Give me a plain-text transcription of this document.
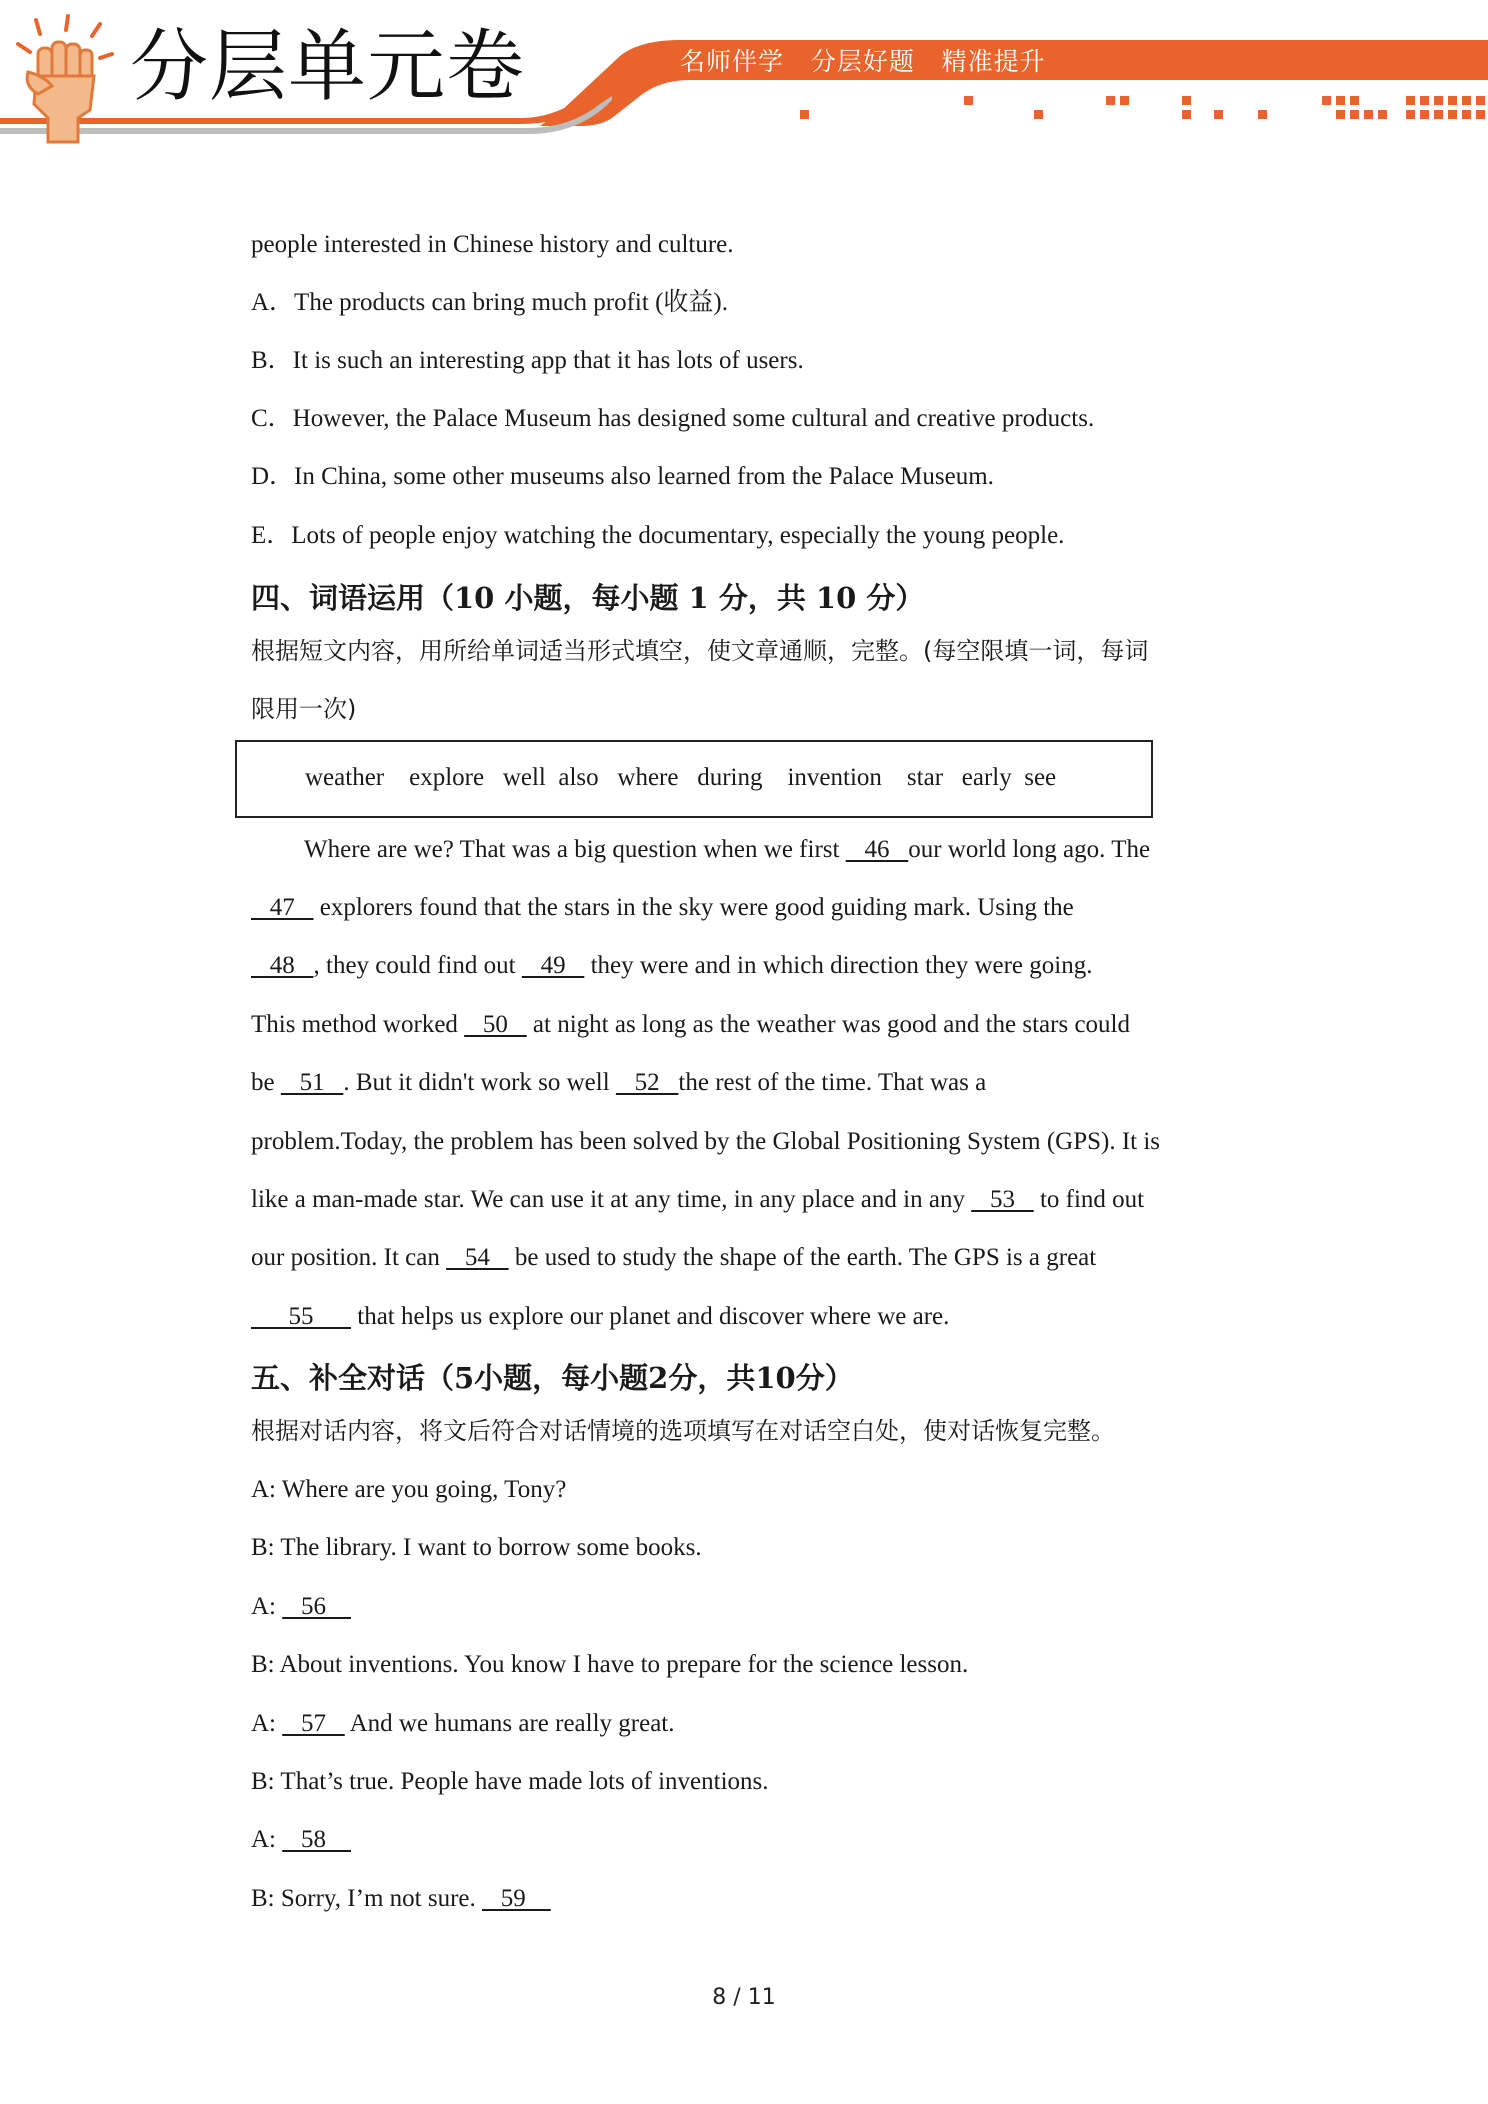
分层单元卷	名师伴学   分层好题   精准提升
people interested in Chinese history and culture.
A．The products can bring much profit (收益).
B．It is such an interesting app that it has lots of users.
C．However, the Palace Museum has designed some cultural and creative products.
D．In China, some other museums also learned from the Palace Museum.
E．Lots of people enjoy watching the documentary, especially the young people.
四、词语运用（10 小题，每小题 1 分，共 10 分）
根据短文内容，用所给单词适当形式填空，使文章通顺，完整。(每空限填一词，每词
限用一次)
weather    explore   well  also   where   during    invention    star   early  see
Where are we? That was a big question when we first    46   our world long ago. The
47    explorers found that the stars in the sky were good guiding mark. Using the
48   , they could find out    49    they were and in which direction they were going.
This method worked    50    at night as long as the weather was good and the stars could
be    51   . But it didn't work so well    52   the rest of the time. That was a
problem.Today, the problem has been solved by the Global Positioning System (GPS). It is
like a man-made star. We can use it at any time, in any place and in any    53    to find out
our position. It can    54    be used to study the shape of the earth. The GPS is a great
55       that helps us explore our planet and discover where we are.
五、补全对话（5小题，每小题2分，共10分）
根据对话内容，将文后符合对话情境的选项填写在对话空白处，使对话恢复完整。
A: Where are you going, Tony?
B: The library. I want to borrow some books.
A:    56
B: About inventions. You know I have to prepare for the science lesson.
A:    57    And we humans are really great.
B: That’s true. People have made lots of inventions.
A:    58
B: Sorry, I’m not sure.    59
8 / 11
